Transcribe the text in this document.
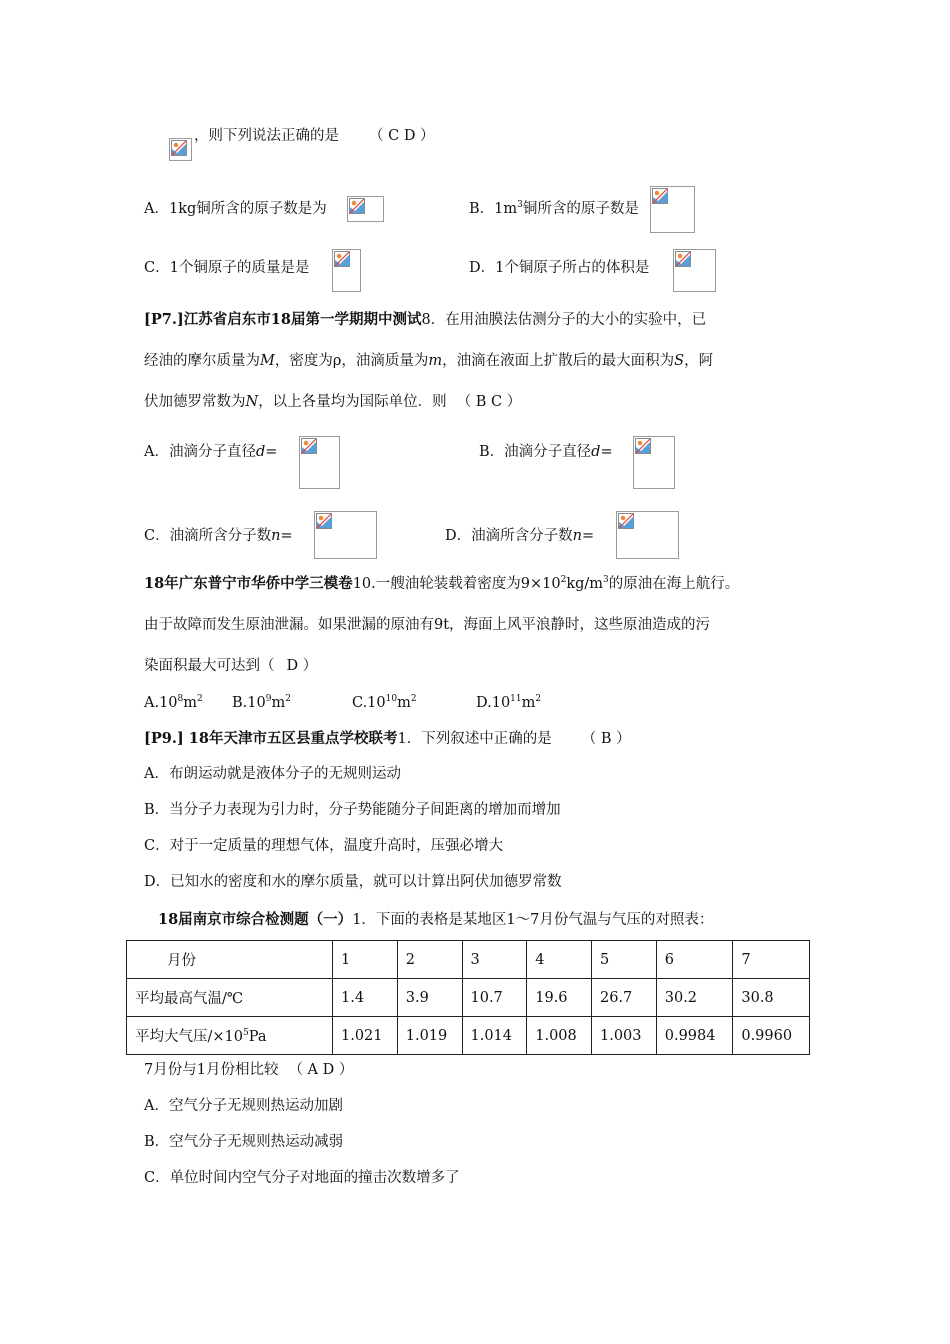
，则下列说法正确的是 （ C D ）
A．1kg铜所含的原子数是为	B．$1m^3$铜所含的原子数是
C．1个铜原子的质量是是	D．1个铜原子所占的体积是
[P7.]江苏省启东市18届第一学期期中测试8．在用油膜法估测分子的大小的实验中，已
经油的摩尔质量为M，密度为ρ，油滴质量为m，油滴在液面上扩散后的最大面积为S，阿
伏加德罗常数为N，以上各量均为国际单位．则 （ B C ）
A．油滴分子直径d=	B．油滴分子直径d=
C．油滴所含分子数n=	D．油滴所含分子数n=
18年广东普宁市华侨中学三模卷10.一艘油轮装载着密度为$9\times 10^2kg/m^3$的原油在海上航行。
由于故障而发生原油泄漏。如果泄漏的原油有9t，海面上风平浪静时，这些原油造成的污
染面积最大可达到（ D ）
$A.10^8m^2$ $B.10^9m^2$	$C.10^{10}m^2$	$D.10^{11}m^2$
[P9.] 18年天津市五区县重点学校联考1．下列叙述中正确的是 （ B ）
A．布朗运动就是液体分子的无规则运动
B．当分子力表现为引力时，分子势能随分子间距离的增加而增加
C．对于一定质量的理想气体，温度升高时，压强必增大
D．已知水的密度和水的摩尔质量，就可以计算出阿伏加德罗常数
18届南京市综合检测题（一）1．下面的表格是某地区1～7月份气温与气压的对照表：
月份	1	2	3	4	5	6	7
平均最高气温/℃	1.4	3.9	10.7	19.6	26.7	30.2	30.8
平均大气压$/\times 10^5Pa$	1.021	1.019	1.014	1.008	1.003	0.9984	0.9960
7月份与1月份相比较 （ A D ）
A．空气分子无规则热运动加剧
B．空气分子无规则热运动减弱
C．单位时间内空气分子对地面的撞击次数增多了
